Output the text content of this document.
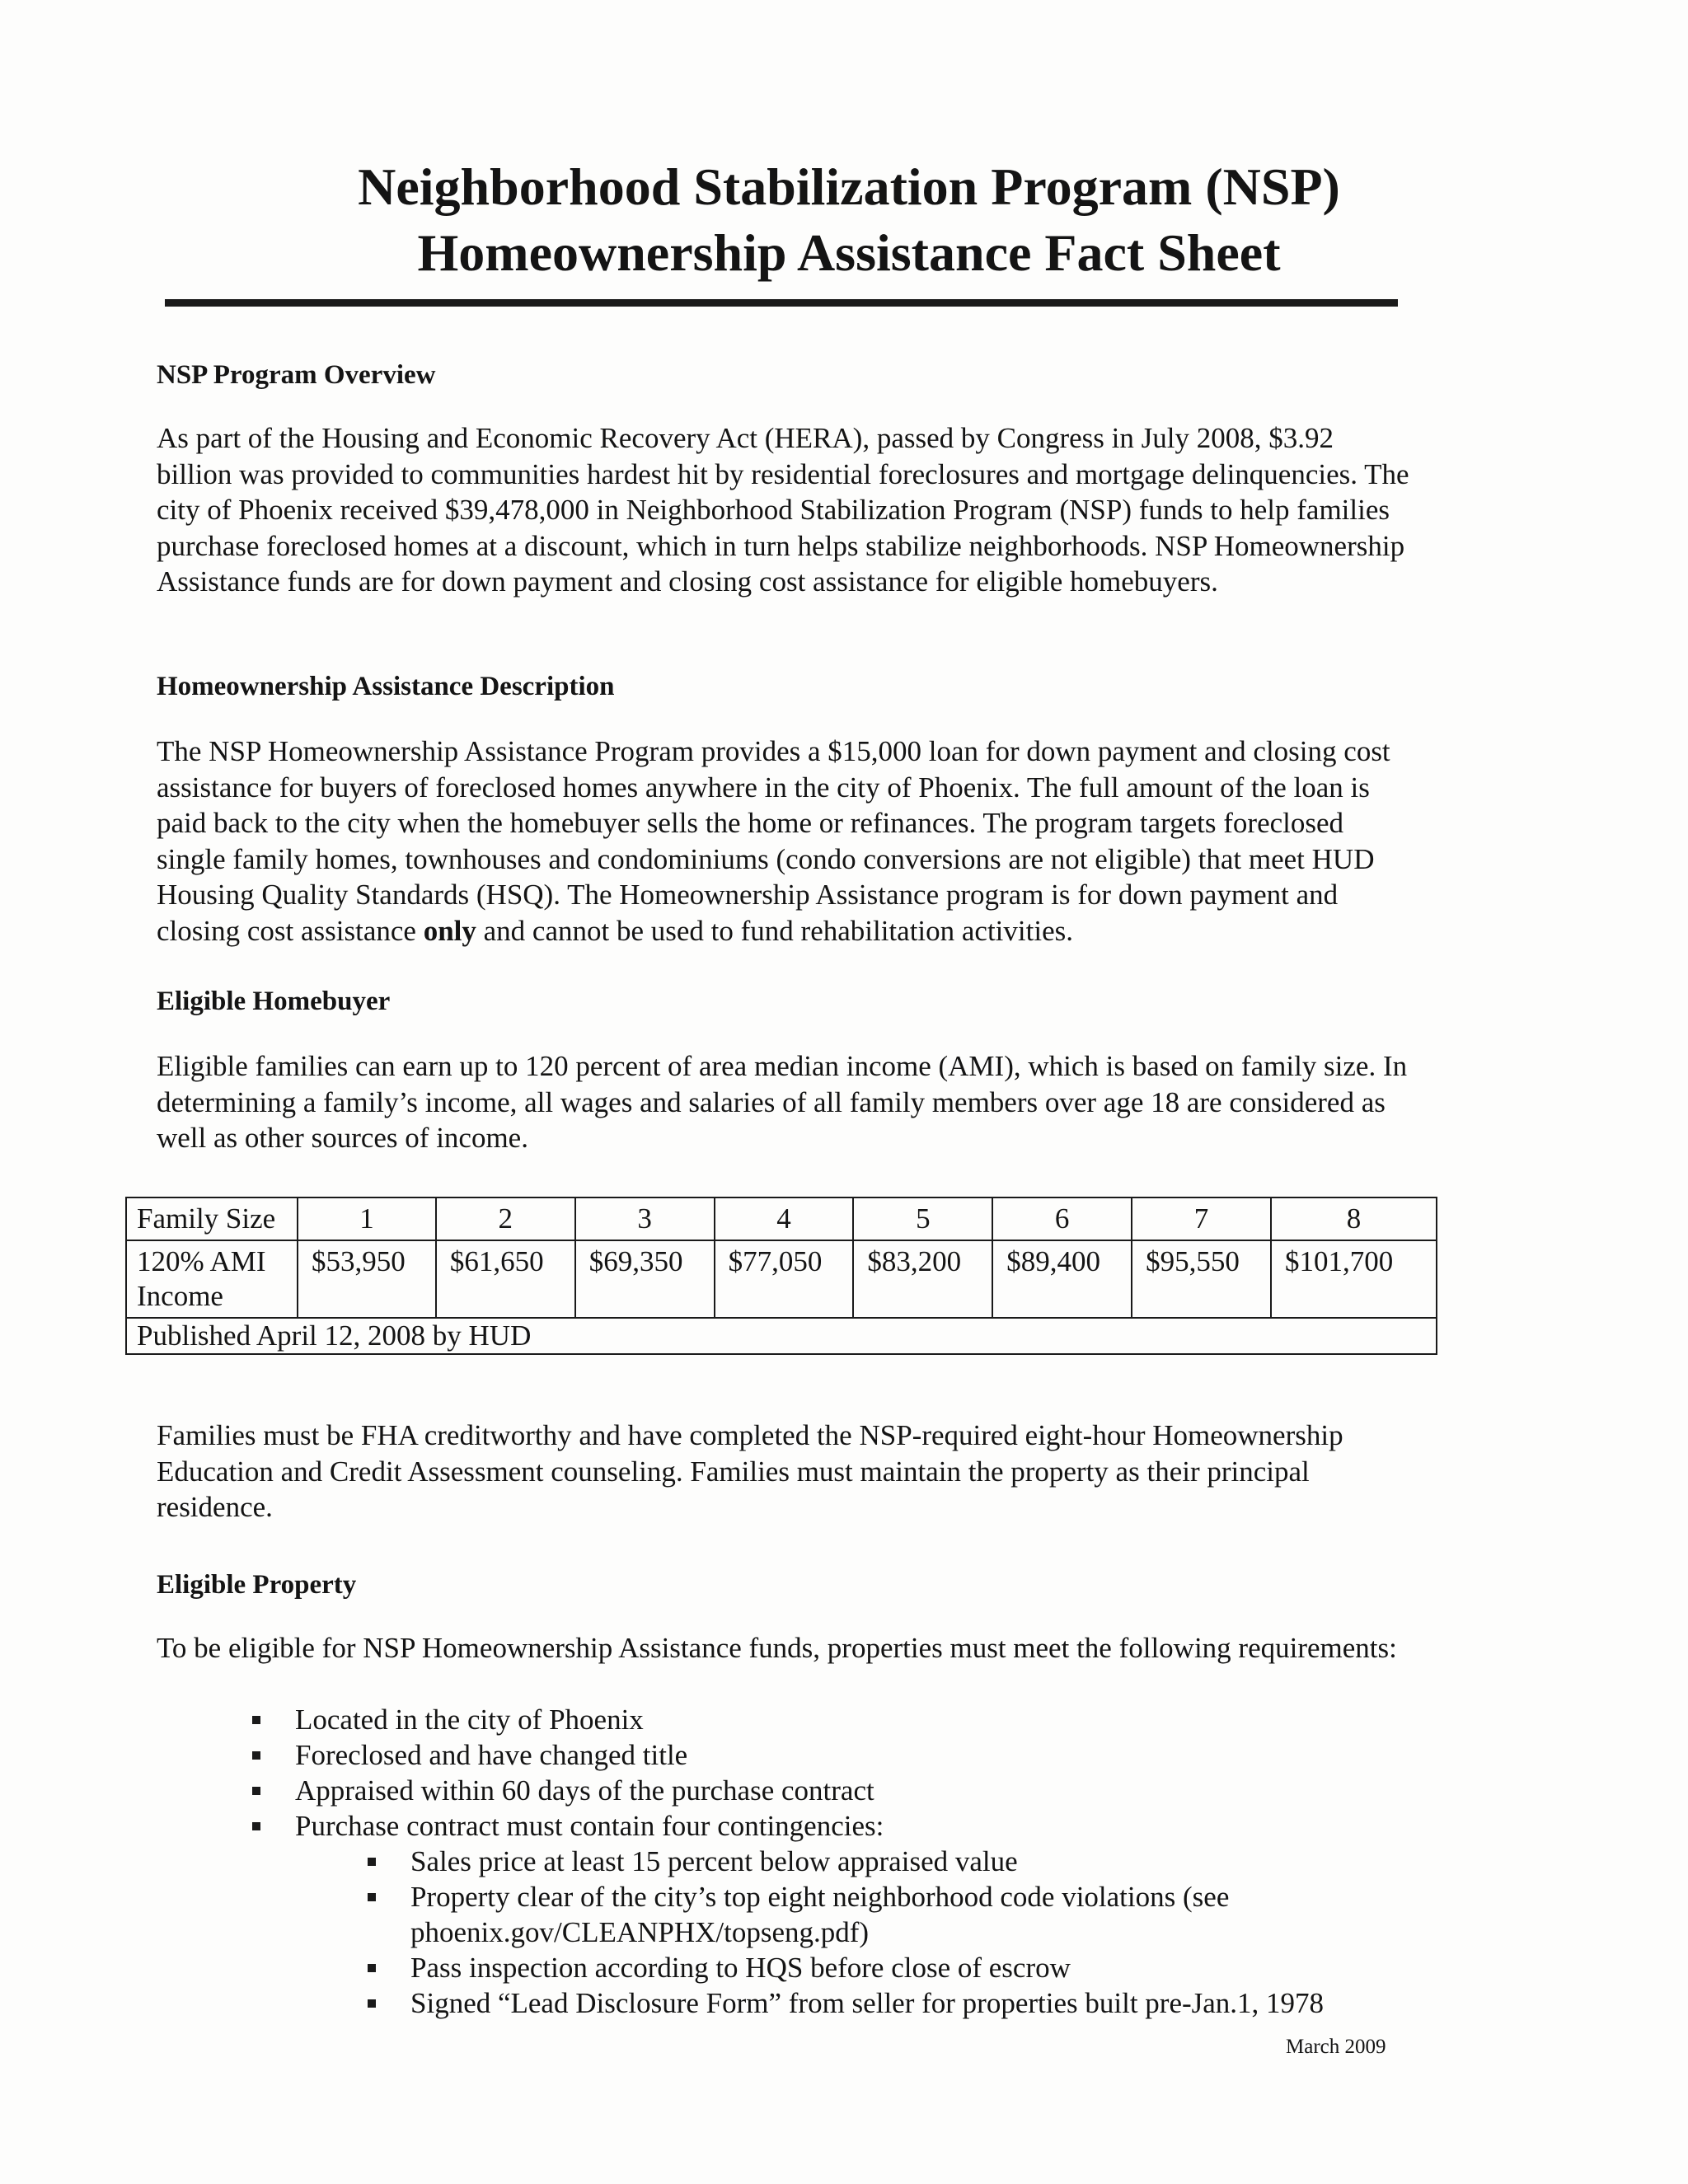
Neighborhood Stabilization Program (NSP)
Homeownership Assistance Fact Sheet
NSP Program Overview

As part of the Housing and Economic Recovery Act (HERA), passed by Congress in July 2008, $3.92 billion was provided to communities hardest hit by residential foreclosures and mortgage delinquencies. The city of Phoenix received $39,478,000 in Neighborhood Stabilization Program (NSP) funds to help families purchase foreclosed homes at a discount, which in turn helps stabilize neighborhoods. NSP Homeownership Assistance funds are for down payment and closing cost assistance for eligible homebuyers.

Homeownership Assistance Description

The NSP Homeownership Assistance Program provides a $15,000 loan for down payment and closing cost assistance for buyers of foreclosed homes anywhere in the city of Phoenix. The full amount of the loan is paid back to the city when the homebuyer sells the home or refinances. The program targets foreclosed single family homes, townhouses and condominiums (condo conversions are not eligible) that meet HUD Housing Quality Standards (HSQ). The Homeownership Assistance program is for down payment and closing cost assistance only and cannot be used to fund rehabilitation activities.

Eligible Homebuyer

Eligible families can earn up to 120 percent of area median income (AMI), which is based on family size. In determining a family’s income, all wages and salaries of all family members over age 18 are considered as well as other sources of income.

Family Size	1	2	3	4	5	6	7	8
120% AMI Income	$53,950	$61,650	$69,350	$77,050	$83,200	$89,400	$95,550	$101,700
Published April 12, 2008 by HUD								

Families must be FHA creditworthy and have completed the NSP-required eight-hour Homeownership Education and Credit Assessment counseling. Families must maintain the property as their principal residence.

Eligible Property

To be eligible for NSP Homeownership Assistance funds, properties must meet the following requirements:

Located in the city of Phoenix
Foreclosed and have changed title
Appraised within 60 days of the purchase contract
Purchase contract must contain four contingencies:
Sales price at least 15 percent below appraised value
Property clear of the city’s top eight neighborhood code violations (see phoenix.gov/CLEANPHX/topseng.pdf)
Pass inspection according to HQS before close of escrow
Signed “Lead Disclosure Form” from seller for properties built pre-Jan.1, 1978
March 2009
